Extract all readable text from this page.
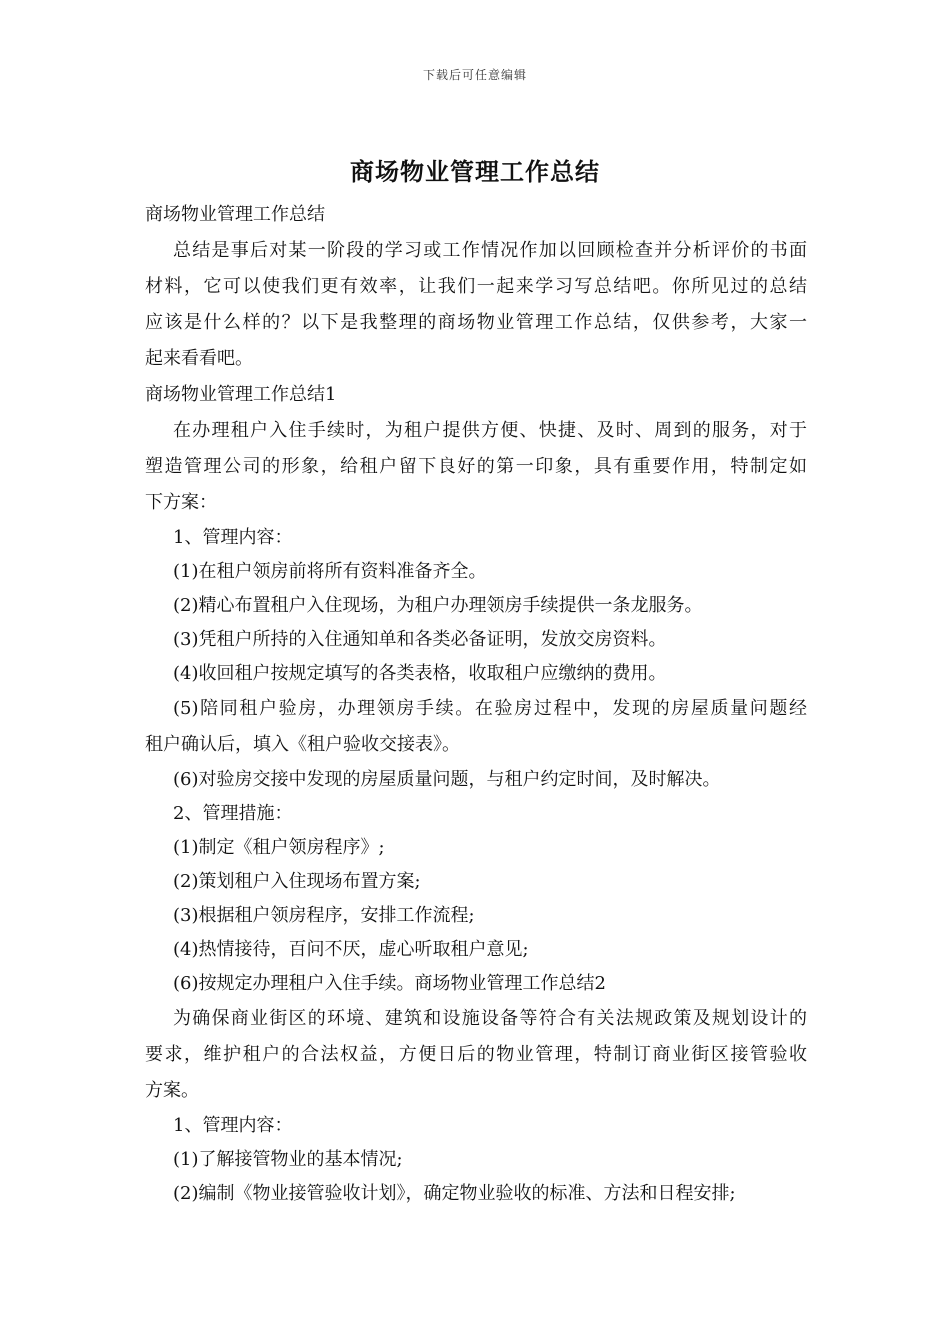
下载后可任意编辑
商场物业管理工作总结
商场物业管理工作总结
总结是事后对某一阶段的学习或工作情况作加以回顾检查并分析评价的书面
材料，它可以使我们更有效率，让我们一起来学习写总结吧。你所见过的总结
应该是什么样的？以下是我整理的商场物业管理工作总结，仅供参考，大家一
起来看看吧。
商场物业管理工作总结1
在办理租户入住手续时，为租户提供方便、快捷、及时、周到的服务，对于
塑造管理公司的形象，给租户留下良好的第一印象，具有重要作用，特制定如
下方案：
1、管理内容：
(1)在租户领房前将所有资料准备齐全。
(2)精心布置租户入住现场，为租户办理领房手续提供一条龙服务。
(3)凭租户所持的入住通知单和各类必备证明，发放交房资料。
(4)收回租户按规定填写的各类表格，收取租户应缴纳的费用。
(5)陪同租户验房，办理领房手续。在验房过程中，发现的房屋质量问题经
租户确认后，填入《租户验收交接表》。
(6)对验房交接中发现的房屋质量问题，与租户约定时间，及时解决。
2、管理措施：
(1)制定《租户领房程序》;
(2)策划租户入住现场布置方案;
(3)根据租户领房程序，安排工作流程;
(4)热情接待，百问不厌，虚心听取租户意见;
(6)按规定办理租户入住手续。商场物业管理工作总结2
为确保商业街区的环境、建筑和设施设备等符合有关法规政策及规划设计的
要求，维护租户的合法权益，方便日后的物业管理，特制订商业街区接管验收
方案。
1、管理内容：
(1)了解接管物业的基本情况;
(2)编制《物业接管验收计划》，确定物业验收的标准、方法和日程安排;
